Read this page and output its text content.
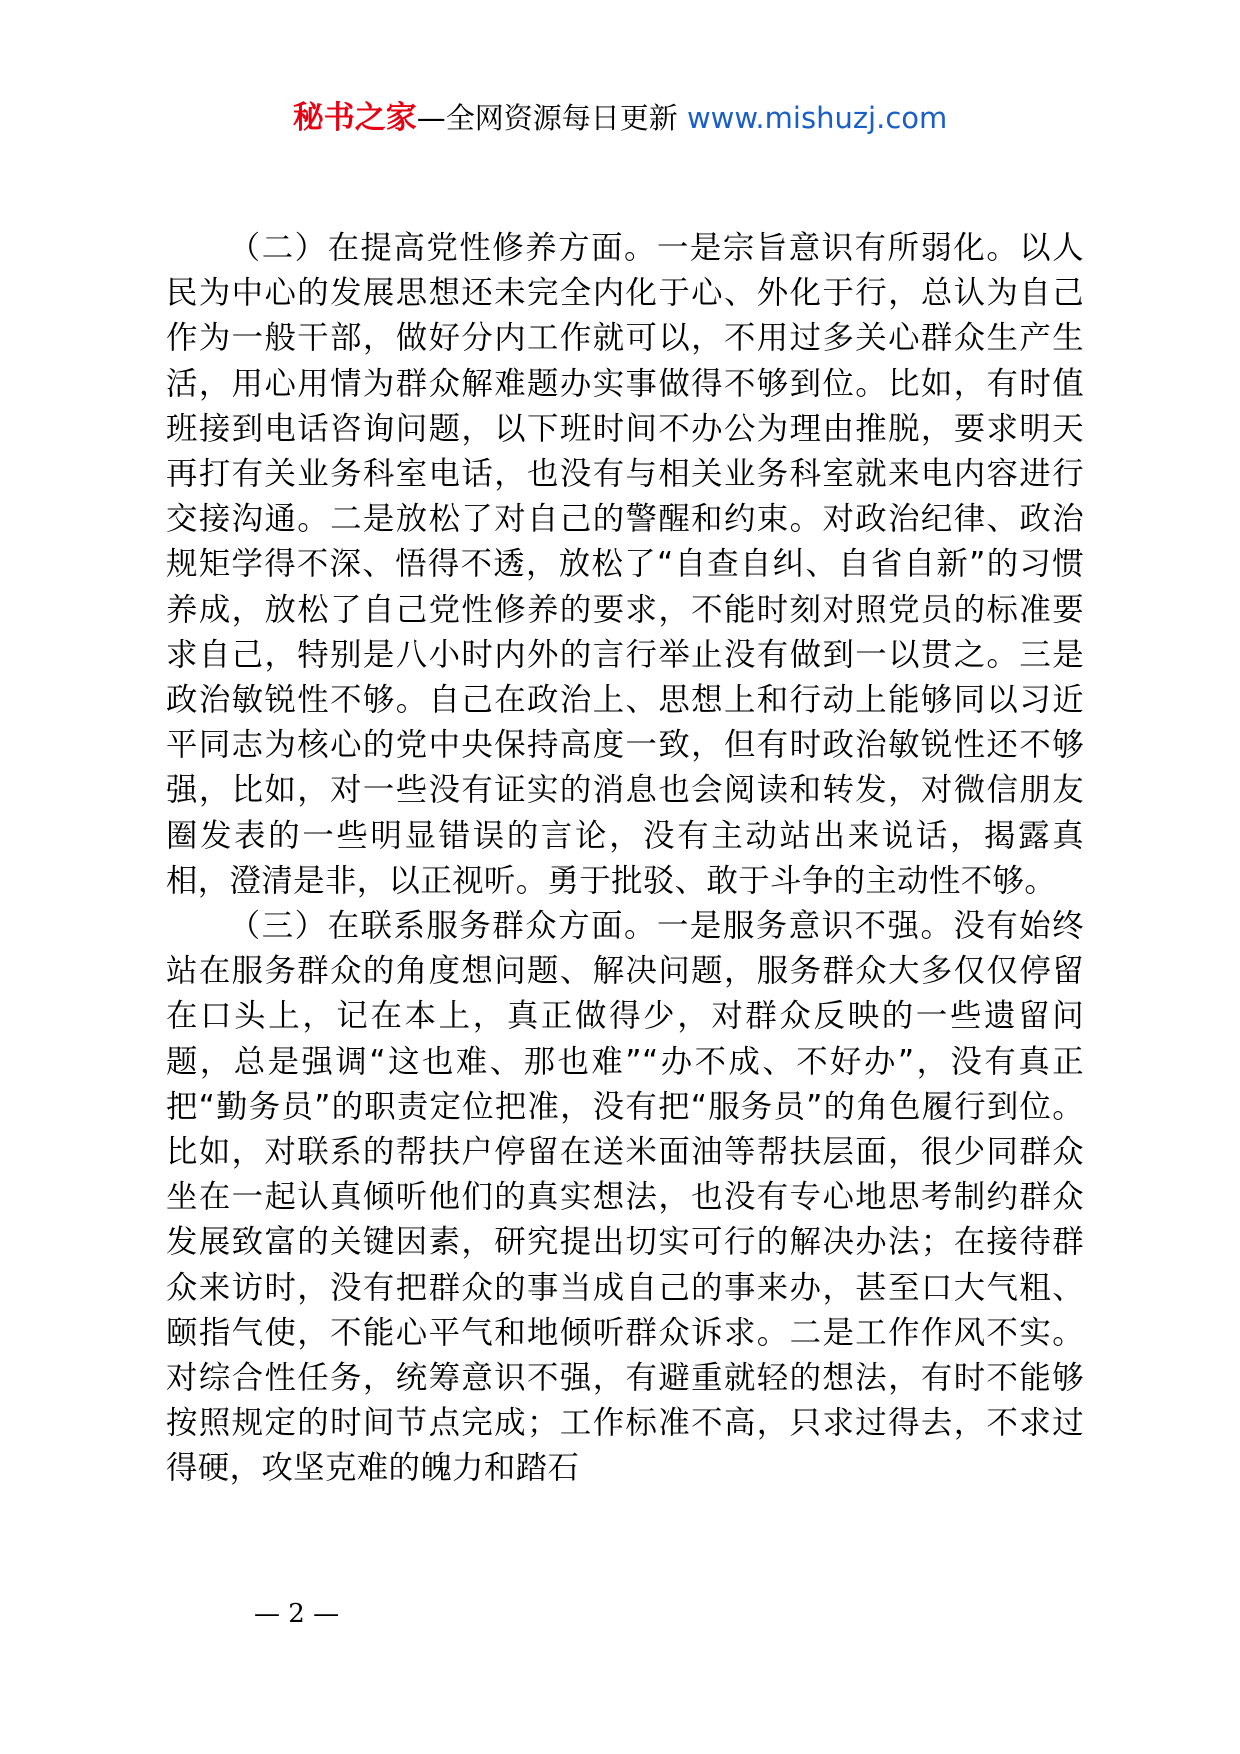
秘书之家—全网资源每日更新 www.mishuzj.com

（二）在提高党性修养方面。一是宗旨意识有所弱化。以人民为中心的发展思想还未完全内化于心、外化于行，总认为自己作为一般干部，做好分内工作就可以，不用过多关心群众生产生活，用心用情为群众解难题办实事做得不够到位。比如，有时值班接到电话咨询问题，以下班时间不办公为理由推脱，要求明天再打有关业务科室电话，也没有与相关业务科室就来电内容进行交接沟通。二是放松了对自己的警醒和约束。对政治纪律、政治规矩学得不深、悟得不透，放松了“自查自纠、自省自新”的习惯养成，放松了自己党性修养的要求，不能时刻对照党员的标准要求自己，特别是八小时内外的言行举止没有做到一以贯之。三是政治敏锐性不够。自己在政治上、思想上和行动上能够同以习近平同志为核心的党中央保持高度一致，但有时政治敏锐性还不够强，比如，对一些没有证实的消息也会阅读和转发，对微信朋友圈发表的一些明显错误的言论，没有主动站出来说话，揭露真相，澄清是非，以正视听。勇于批驳、敢于斗争的主动性不够。

（三）在联系服务群众方面。一是服务意识不强。没有始终站在服务群众的角度想问题、解决问题，服务群众大多仅仅停留在口头上，记在本上，真正做得少，对群众反映的一些遗留问题，总是强调“这也难、那也难”“办不成、不好办”，没有真正把“勤务员”的职责定位把准，没有把“服务员”的角色履行到位。比如，对联系的帮扶户停留在送米面油等帮扶层面，很少同群众坐在一起认真倾听他们的真实想法，也没有专心地思考制约群众发展致富的关键因素，研究提出切实可行的解决办法；在接待群众来访时，没有把群众的事当成自己的事来办，甚至口大气粗、颐指气使，不能心平气和地倾听群众诉求。二是工作作风不实。对综合性任务，统筹意识不强，有避重就轻的想法，有时不能够按照规定的时间节点完成；工作标准不高，只求过得去，不求过得硬，攻坚克难的魄力和踏石

— 2 —
